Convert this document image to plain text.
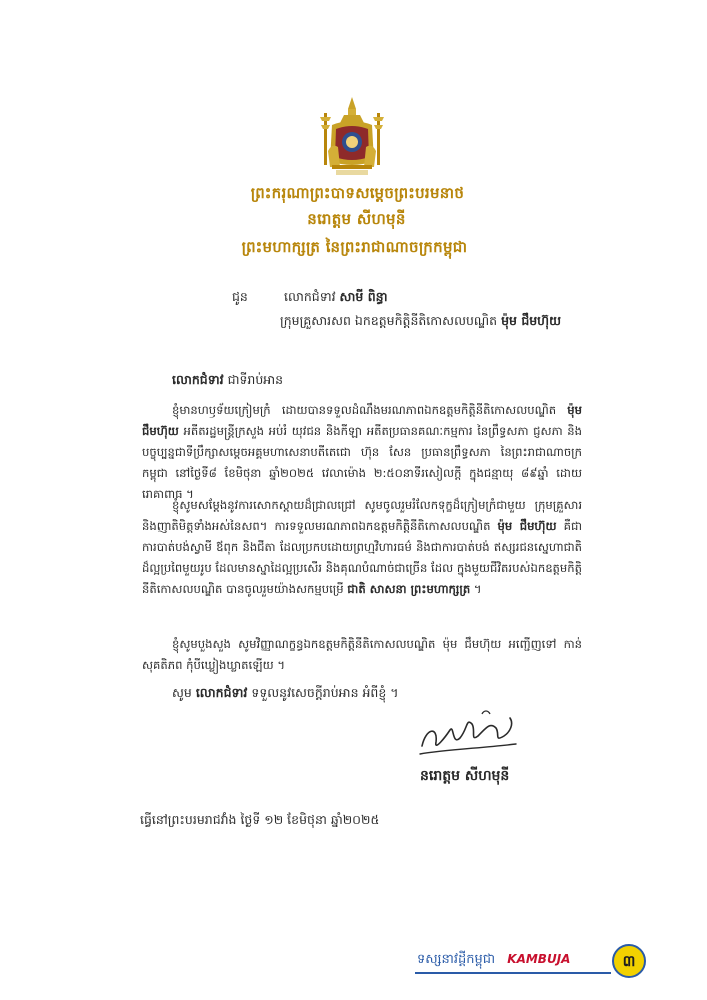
ព្រះករុណាព្រះបាទសម្តេចព្រះបរមនាថ

នរោត្តម សីហមុនី

ព្រះមហាក្សត្រ នៃព្រះរាជាណាចក្រកម្ពុជា

ជូន	លោកជំទាវ សាមី ពិន្ធា
ក្រុមគ្រួសារសព ឯកឧត្តមកិត្តិនីតិកោសលបណ្ឌិត ម៉ុម ជឹមហ៊ុយ
លោកជំទាវ ជាទីរាប់អាន

ខ្ញុំមានហឫទ័យក្រៀមក្រំ ដោយបានទទួលដំណឹងមរណភាពឯកឧត្តមកិត្តិនីតិកោសលបណ្ឌិត ម៉ុម ជឹមហ៊ុយ អតីតរដ្ឋមន្ត្រីក្រសួង អប់រំ យុវជន និងកីឡា អតីតប្រធានគណៈកម្មការ នៃព្រឹទ្ធសភា ជ្ញសភា និងបច្ចុប្បន្នជាទីប្រឹក្សាសម្តេចអគ្គមហាសេនាបតីតេជោ ហ៊ុន សែន ប្រធានព្រឹទ្ធសភា នៃព្រះរាជាណាចក្រកម្ពុជា នៅថ្ងៃទី៨ ខែមិថុនា ឆ្នាំ២០២៥ វេលាម៉ោង ២:៥០នាទីរសៀលក្តី ក្នុងជន្មាយុ ៨៩ឆ្នាំ ដោយរោគាពាធ ។

ខ្ញុំសូមសម្តែងនូវការសោកស្តាយដ៏ជ្រាលជ្រៅ សូមចូលរួមរំលែកទុក្ខដ៏ក្រៀមក្រំជាមួយ ក្រុមគ្រួសារ និងញាតិមិត្តទាំងអស់នៃសព។ ការទទួលមរណភាពឯកឧត្តមកិត្តិនីតិកោសលបណ្ឌិត ម៉ុម ជឹមហ៊ុយ គឺជាការបាត់បង់ស្វាមី ឪពុក និងជីតា ដែលប្រកបដោយព្រហ្មវិហារធម៌ និងជាការបាត់បង់ ឥស្សរជនស្នេហាជាតិដ៏ល្អប្រពៃមួយរូប ដែលមានស្នាដៃល្អប្រសើរ និងគុណបំណាច់ជាច្រើន ដែល ក្នុងមួយជីវិតរបស់ឯកឧត្តមកិត្តិនីតិកោសលបណ្ឌិត បានចូលរួមយ៉ាងសកម្មបម្រើ ជាតិ សាសនា ព្រះមហាក្សត្រ ។

ខ្ញុំសូមបួងសួង សូមវិញ្ញាណក្ខន្ធឯកឧត្តមកិត្តិនីតិកោសលបណ្ឌិត ម៉ុម ជឹមហ៊ុយ អញ្ជើញទៅ កាន់សុគតិភព កុំបីឃ្លៀងឃ្លាតឡើយ ។

សូម លោកជំទាវ ទទួលនូវសេចក្តីរាប់អាន អំពីខ្ញុំ ។
នរោត្តម សីហមុនី
ធ្វើនៅព្រះបរមរាជវាំង ថ្ងៃទី ១២ ខែមិថុនា ឆ្នាំ២០២៥
ទស្សនាវដ្តីកម្ពុជា KAMBUJA	៣
